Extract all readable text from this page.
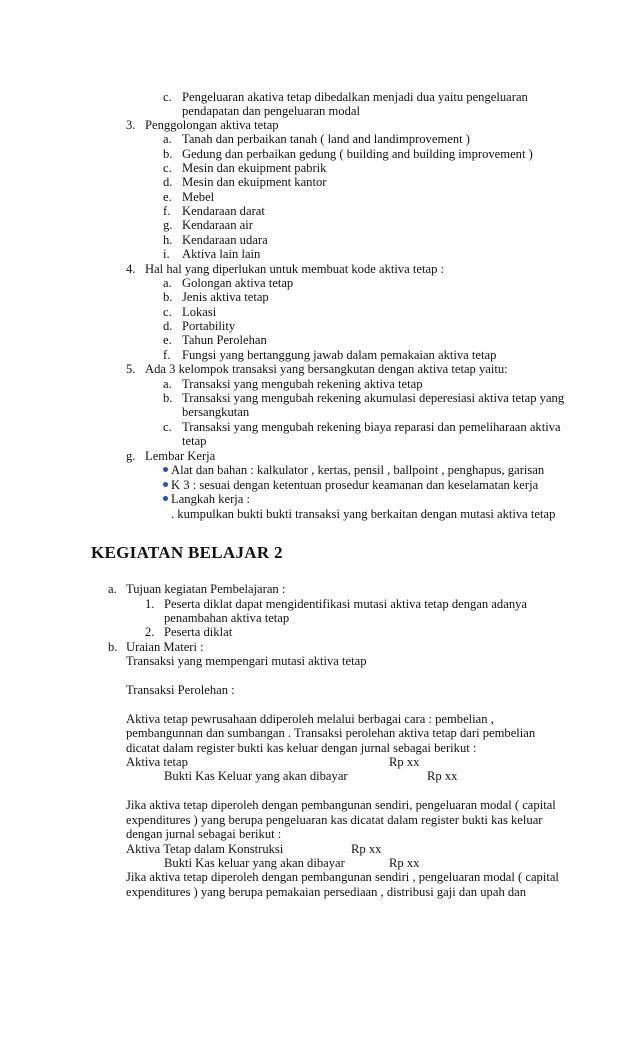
KEGIATAN BELAJAR 2
c. Pengeluaran akativa tetap dibedalkan menjadi dua yaitu pengeluaran
pendapatan dan pengeluaran modal
3. Penggolongan aktiva tetap
a. Tanah dan perbaikan tanah ( land and landimprovement )
b. Gedung dan perbaikan gedung ( building and building improvement )
c. Mesin dan ekuipment pabrik
d. Mesin dan ekuipment kantor
e. Mebel
f. Kendaraan darat
g. Kendaraan air
h. Kendaraan udara
i. Aktiva lain lain
4. Hal hal yang diperlukan untuk membuat kode aktiva tetap :
a. Golongan aktiva tetap
b. Jenis aktiva tetap
c. Lokasi
d. Portability
e. Tahun Perolehan
f. Fungsi yang bertanggung jawab dalam pemakaian aktiva tetap
5. Ada 3 kelompok transaksi yang bersangkutan dengan aktiva tetap yaitu:
a. Transaksi yang mengubah rekening aktiva tetap
b. Transaksi yang mengubah rekening akumulasi deperesiasi aktiva tetap yang
bersangkutan
c. Transaksi yang mengubah rekening biaya reparasi dan pemeliharaan aktiva
tetap
g. Lembar Kerja
Alat dan bahan : kalkulator , kertas, pensil , ballpoint , penghapus, garisan
K 3 : sesuai dengan ketentuan prosedur keamanan dan keselamatan kerja
Langkah kerja :
. kumpulkan bukti bukti transaksi yang berkaitan dengan mutasi aktiva tetap
a. Tujuan kegiatan Pembelajaran :
1. Peserta diklat dapat mengidentifikasi mutasi aktiva tetap dengan adanya
penambahan aktiva tetap
2. Peserta diklat
b. Uraian Materi :
Transaksi yang mempengari mutasi aktiva tetap
Transaksi Perolehan :
Aktiva tetap pewrusahaan ddiperoleh melalui berbagai cara : pembelian ,
pembangunnan dan sumbangan . Transaksi perolehan aktiva tetap dari pembelian
dicatat dalam register bukti kas keluar dengan jurnal sebagai berikut :
Aktiva tetap	Rp xx
Bukti Kas Keluar yang akan dibayar	Rp xx
Jika aktiva tetap diperoleh dengan pembangunan sendiri, pengeluaran modal ( capital
expenditures ) yang berupa pengeluaran kas dicatat dalam register bukti kas keluar
dengan jurnal sebagai berikut :
Aktiva Tetap dalam Konstruksi	Rp xx
Bukti Kas keluar yang akan dibayar	Rp xx
Jika aktiva tetap diperoleh dengan pembangunan sendiri , pengeluaran modal ( capital
expenditures ) yang berupa pemakaian persediaan , distribusi gaji dan upah dan
